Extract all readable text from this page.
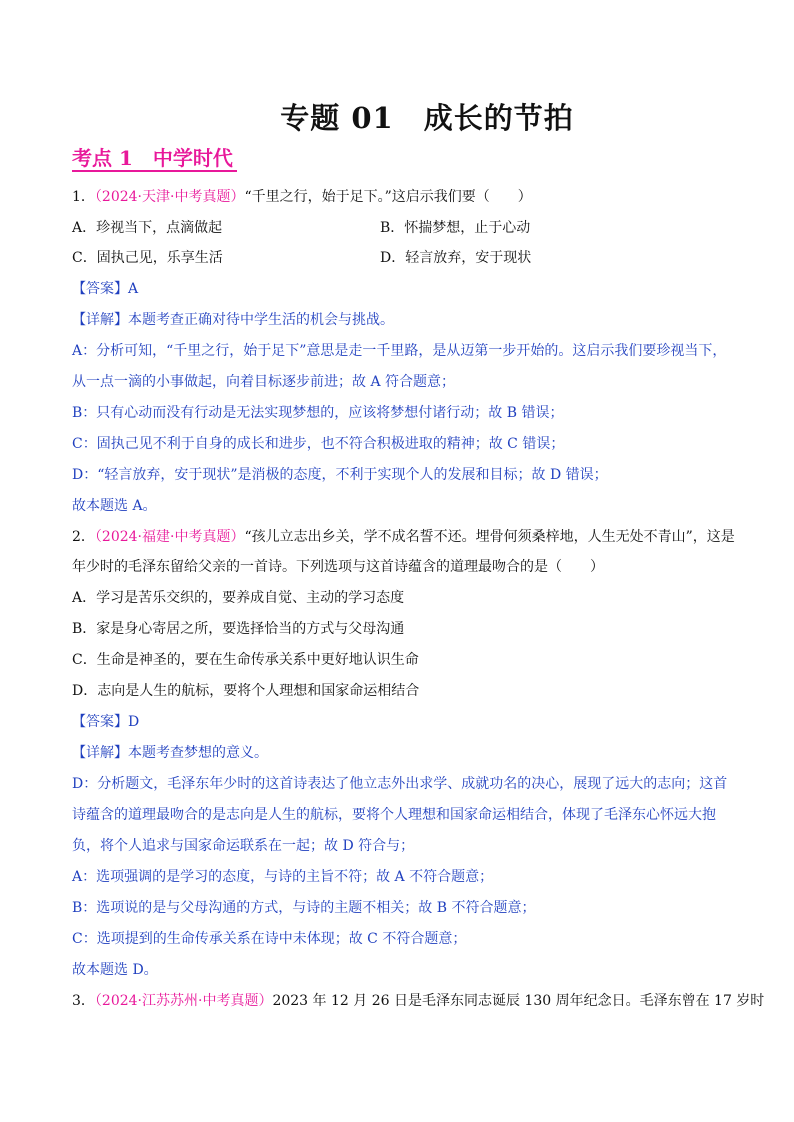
专题 01　成长的节拍
考点 1　中学时代
1．（2024·天津·中考真题）“千里之行，始于足下。”这启示我们要（　　）
A．珍视当下，点滴做起	B．怀揣梦想，止于心动
C．固执己见，乐享生活	D．轻言放弃，安于现状
【答案】A
【详解】本题考查正确对待中学生活的机会与挑战。
A：分析可知，“千里之行，始于足下”意思是走一千里路，是从迈第一步开始的。这启示我们要珍视当下，
从一点一滴的小事做起，向着目标逐步前进；故 A 符合题意；
B：只有心动而没有行动是无法实现梦想的，应该将梦想付诸行动；故 B 错误；
C：固执己见不利于自身的成长和进步，也不符合积极进取的精神；故 C 错误；
D：“轻言放弃，安于现状”是消极的态度，不利于实现个人的发展和目标；故 D 错误；
故本题选 A。
2．（2024·福建·中考真题）“孩儿立志出乡关，学不成名誓不还。埋骨何须桑梓地，人生无处不青山”，这是
年少时的毛泽东留给父亲的一首诗。下列选项与这首诗蕴含的道理最吻合的是（　　）
A．学习是苦乐交织的，要养成自觉、主动的学习态度
B．家是身心寄居之所，要选择恰当的方式与父母沟通
C．生命是神圣的，要在生命传承关系中更好地认识生命
D．志向是人生的航标，要将个人理想和国家命运相结合
【答案】D
【详解】本题考查梦想的意义。
D：分析题文，毛泽东年少时的这首诗表达了他立志外出求学、成就功名的决心，展现了远大的志向；这首
诗蕴含的道理最吻合的是志向是人生的航标，要将个人理想和国家命运相结合，体现了毛泽东心怀远大抱
负，将个人追求与国家命运联系在一起；故 D 符合与；
A：选项强调的是学习的态度，与诗的主旨不符；故 A 不符合题意；
B：选项说的是与父母沟通的方式，与诗的主题不相关；故 B 不符合题意；
C：选项提到的生命传承关系在诗中未体现；故 C 不符合题意；
故本题选 D。
3．（2024·江苏苏州·中考真题）2023 年 12 月 26 日是毛泽东同志诞辰 130 周年纪念日。毛泽东曾在 17 岁时
